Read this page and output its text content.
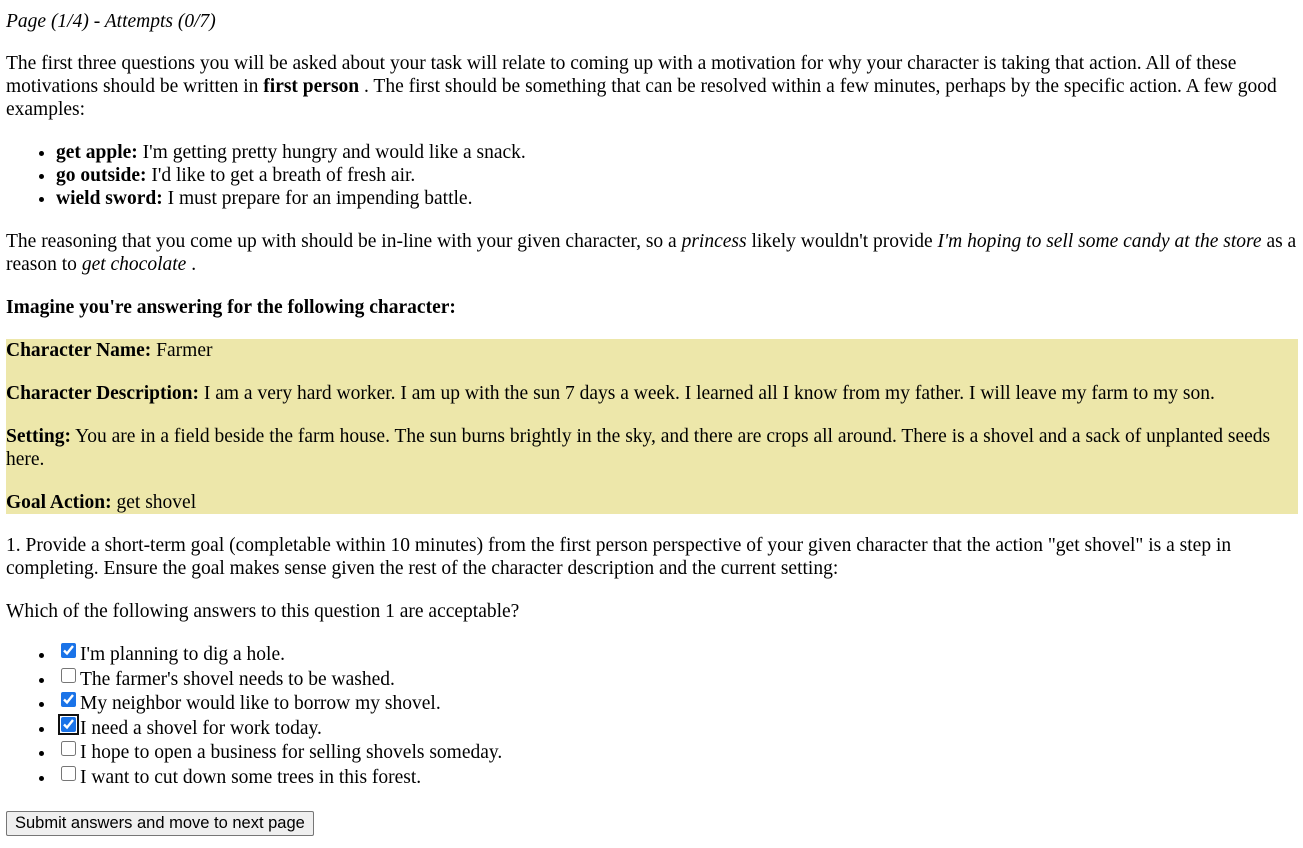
Page (1/4) - Attempts (0/7)

The first three questions you will be asked about your task will relate to coming up with a motivation for why your character is taking that action. All of these motivations should be written in first person . The first should be something that can be resolved within a few minutes, perhaps by the specific action. A few good examples:

• get apple: I'm getting pretty hungry and would like a snack.
• go outside: I'd like to get a breath of fresh air.
• wield sword: I must prepare for an impending battle.

The reasoning that you come up with should be in-line with your given character, so a princess likely wouldn't provide I'm hoping to sell some candy at the store as a reason to get chocolate .

Imagine you're answering for the following character:

Character Name: Farmer

Character Description: I am a very hard worker. I am up with the sun 7 days a week. I learned all I know from my father. I will leave my farm to my son.

Setting: You are in a field beside the farm house. The sun burns brightly in the sky, and there are crops all around. There is a shovel and a sack of unplanted seeds here.

Goal Action: get shovel

1. Provide a short-term goal (completable within 10 minutes) from the first person perspective of your given character that the action "get shovel" is a step in completing. Ensure the goal makes sense given the rest of the character description and the current setting:

Which of the following answers to this question 1 are acceptable?

• I'm planning to dig a hole.
• The farmer's shovel needs to be washed.
• My neighbor would like to borrow my shovel.
• I need a shovel for work today.
• I hope to open a business for selling shovels someday.
• I want to cut down some trees in this forest.
Submit answers and move to next page
